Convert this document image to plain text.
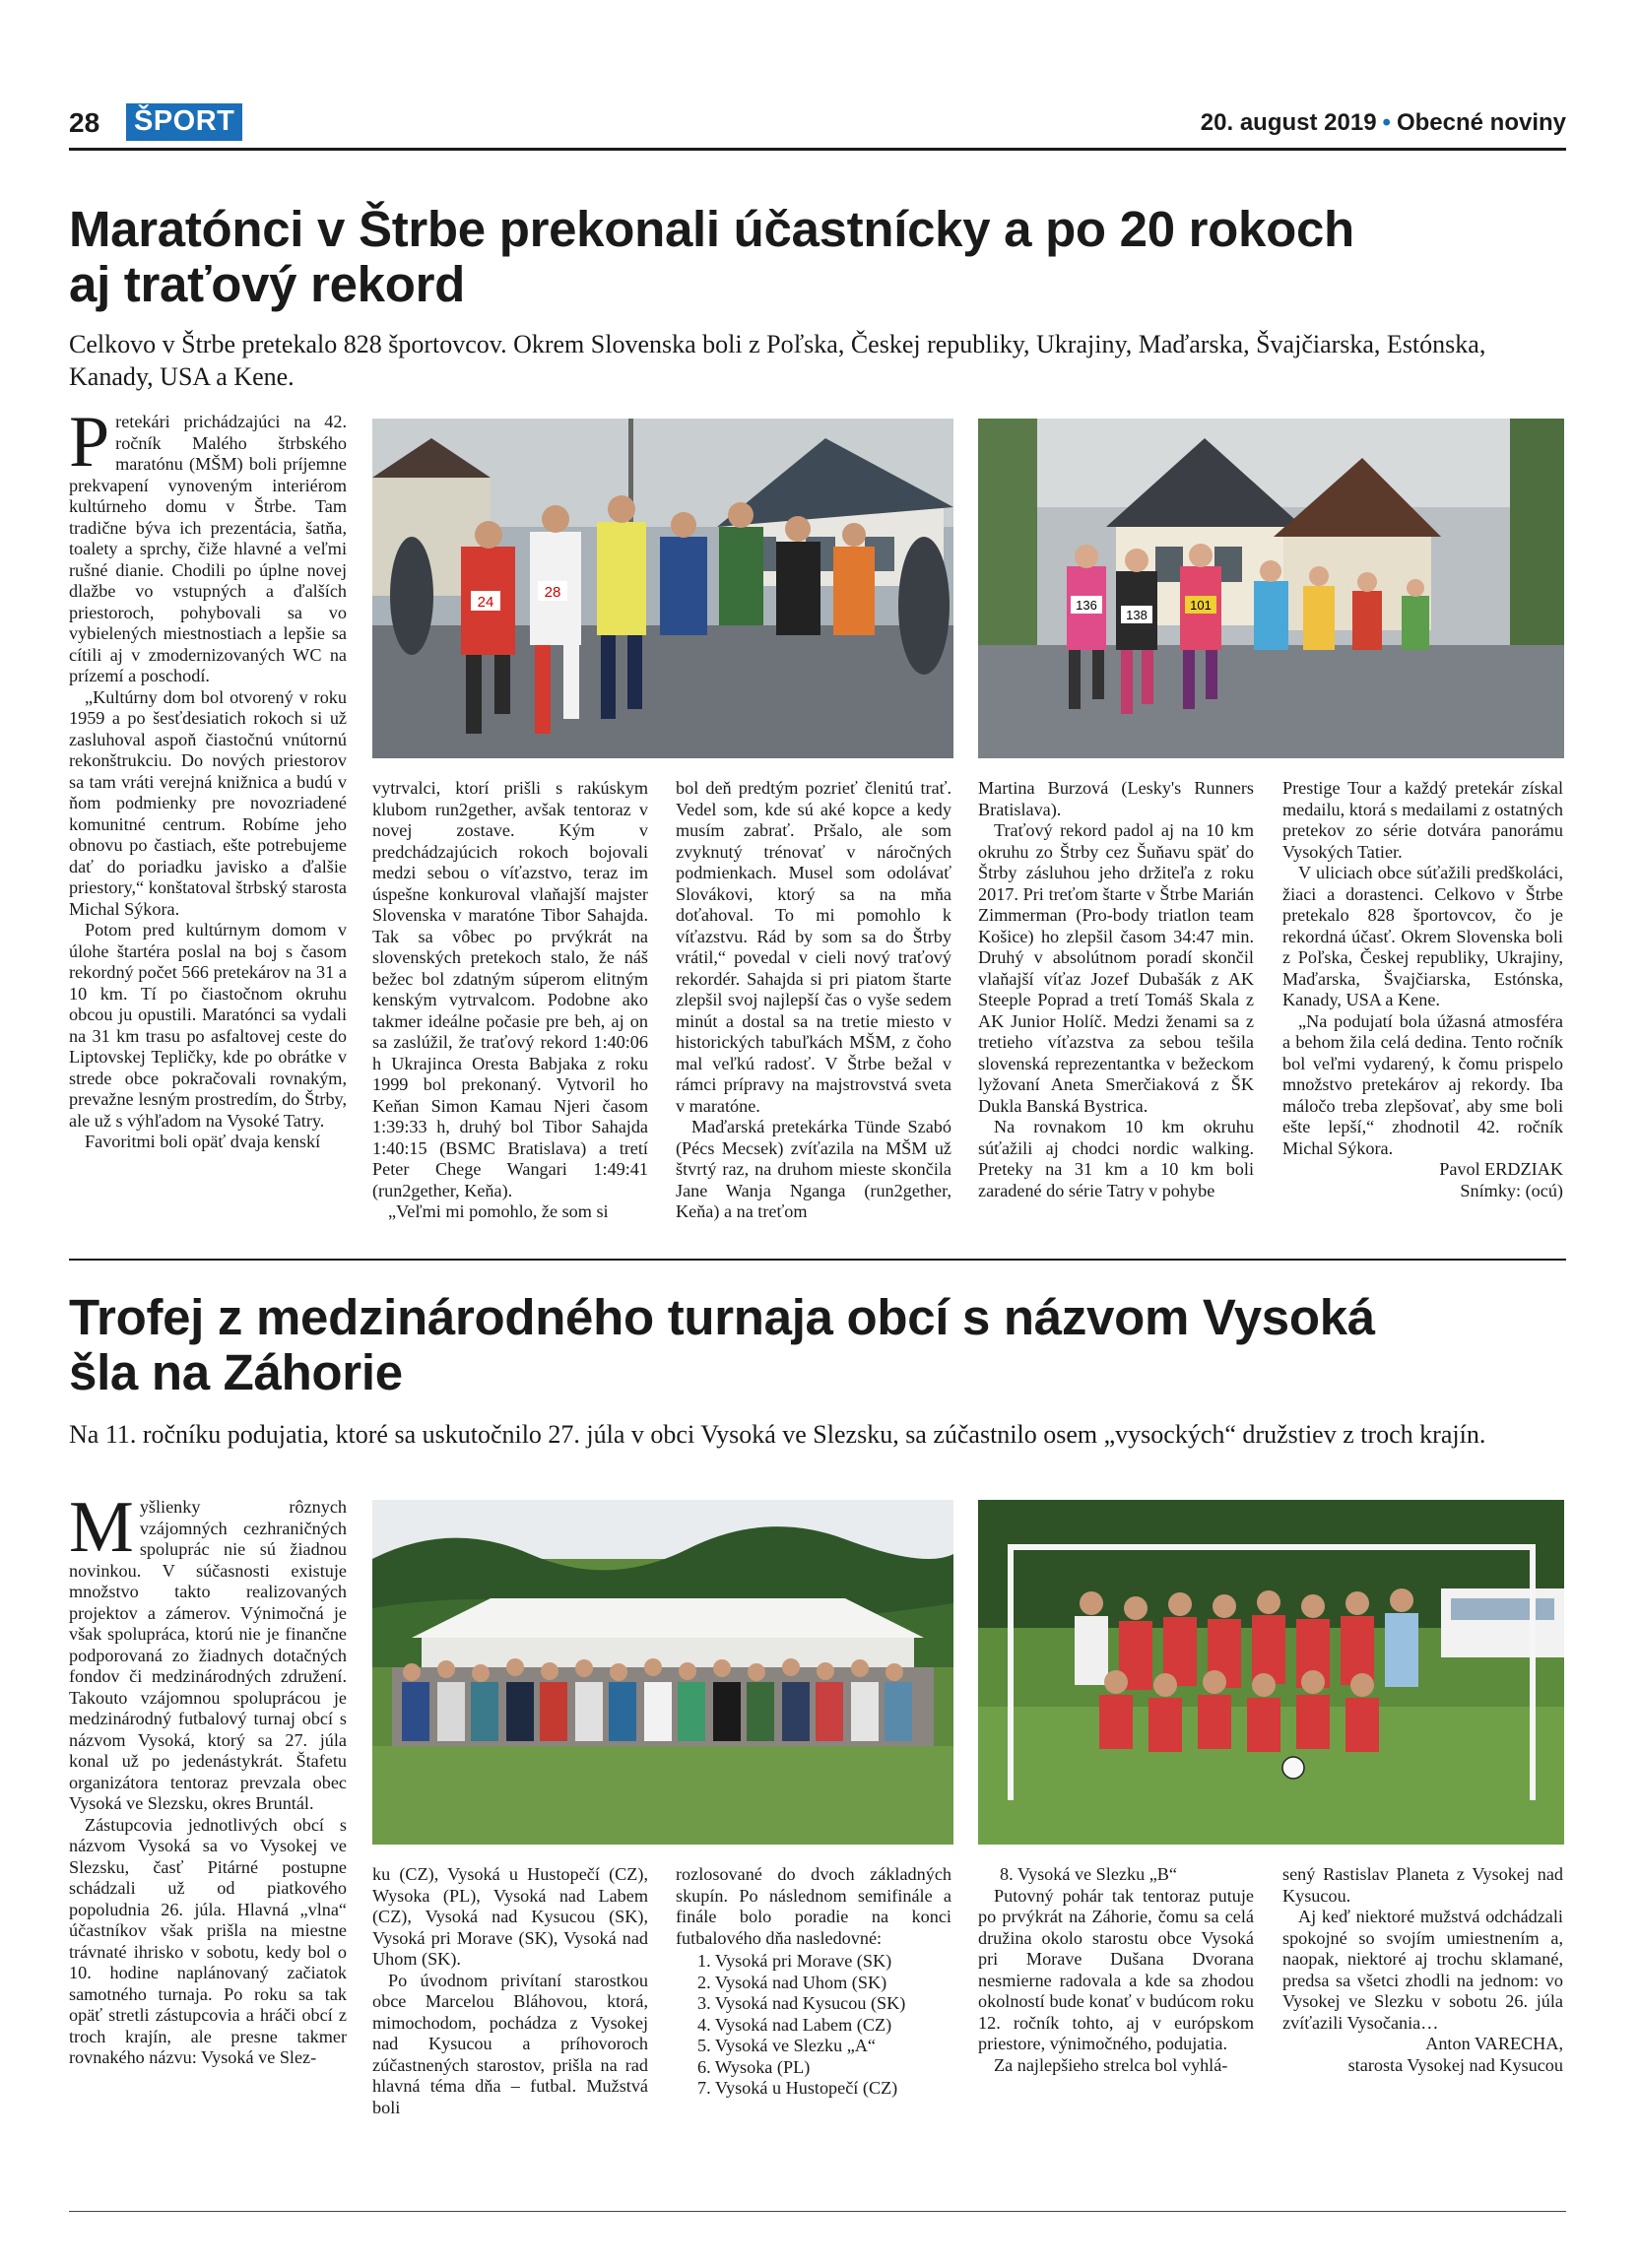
28 ŠPORT	20. august 2019 • Obecné noviny
Maratónci v Štrbe prekonali účastnícky a po 20 rokoch
aj traťový rekord
Celkovo v Štrbe pretekalo 828 športovcov. Okrem Slovenska boli z Poľska, Českej republiky, Ukrajiny, Maďarska, Švajčiarska, Estónska, Kanady, USA a Kene.

Pretekári prichádzajúci na 42. ročník Malého štrbského maratónu (MŠM) boli príjemne prekvapení vynoveným interiérom kultúrneho domu v Štrbe. Tam tradične býva ich prezentácia, šatňa, toalety a sprchy, čiže hlavné a veľmi rušné dianie. Chodili po úplne novej dlažbe vo vstupných a ďalších priestoroch, pohybovali sa vo vybielených miestnostiach a lepšie sa cítili aj v zmodernizovaných WC na prízemí a poschodí.

„Kultúrny dom bol otvorený v roku 1959 a po šesťdesiatich rokoch si už zasluhoval aspoň čiastočnú vnútornú rekonštrukciu. Do nových priestorov sa tam vráti verejná knižnica a budú v ňom podmienky pre novozriadené komunitné centrum. Robíme jeho obnovu po častiach, ešte potrebujeme dať do poriadku javisko a ďalšie priestory,“ konštatoval štrbský starosta Michal Sýkora.

Potom pred kultúrnym domom v úlohe štartéra poslal na boj s časom rekordný počet 566 pretekárov na 31 a 10 km. Tí po čiastočnom okruhu obcou ju opustili. Maratónci sa vydali na 31 km trasu po asfaltovej ceste do Liptovskej Tepličky, kde po obrátke v strede obce pokračovali rovnakým, prevažne lesným prostredím, do Štrby, ale už s výhľadom na Vysoké Tatry.

Favoritmi boli opäť dvaja kenskí

24
28
136
138
101

vytrvalci, ktorí prišli s rakúskym klubom run2gether, avšak tentoraz v novej zostave. Kým v predchádzajúcich rokoch bojovali medzi sebou o víťazstvo, teraz im úspešne konkuroval vlaňajší majster Slovenska v maratóne Tibor Sahajda. Tak sa vôbec po prvýkrát na slovenských pretekoch stalo, že náš bežec bol zdatným súperom elitným kenským vytrvalcom. Podobne ako takmer ideálne počasie pre beh, aj on sa zaslúžil, že traťový rekord 1:40:06 h Ukrajinca Oresta Babjaka z roku 1999 bol prekonaný. Vytvoril ho Keňan Simon Kamau Njeri časom 1:39:33 h, druhý bol Tibor Sahajda 1:40:15 (BSMC Bratislava) a tretí Peter Chege Wangari 1:49:41 (run2gether, Keňa).

„Veľmi mi pomohlo, že som si

bol deň predtým pozrieť členitú trať. Vedel som, kde sú aké kopce a kedy musím zabrať. Pršalo, ale som zvyknutý trénovať v náročných podmienkach. Musel som odolávať Slovákovi, ktorý sa na mňa doťahoval. To mi pomohlo k víťazstvu. Rád by som sa do Štrby vrátil,“ povedal v cieli nový traťový rekordér. Sahajda si pri piatom štarte zlepšil svoj najlepší čas o vyše sedem minút a dostal sa na tretie miesto v historických tabuľkách MŠM, z čoho mal veľkú radosť. V Štrbe bežal v rámci prípravy na majstrovstvá sveta v maratóne.

Maďarská pretekárka Tünde Szabó (Pécs Mecsek) zvíťazila na MŠM už štvrtý raz, na druhom mieste skončila Jane Wanja Nganga (run2gether, Keňa) a na treťom

Martina Burzová (Lesky's Runners Bratislava).

Traťový rekord padol aj na 10 km okruhu zo Štrby cez Šuňavu späť do Štrby zásluhou jeho držiteľa z roku 2017. Pri treťom štarte v Štrbe Marián Zimmerman (Pro-body triatlon team Košice) ho zlepšil časom 34:47 min. Druhý v absolútnom poradí skončil vlaňajší víťaz Jozef Dubašák z AK Steeple Poprad a tretí Tomáš Skala z AK Junior Holíč. Medzi ženami sa z tretieho víťazstva za sebou tešila slovenská reprezentantka v bežeckom lyžovaní Aneta Smerčiaková z ŠK Dukla Banská Bystrica.

Na rovnakom 10 km okruhu súťažili aj chodci nordic walking. Preteky na 31 km a 10 km boli zaradené do série Tatry v pohybe

Prestige Tour a každý pretekár získal medailu, ktorá s medailami z ostatných pretekov zo série dotvára panorámu Vysokých Tatier.

V uliciach obce súťažili predškoláci, žiaci a dorastenci. Celkovo v Štrbe pretekalo 828 športovcov, čo je rekordná účasť. Okrem Slovenska boli z Poľska, Českej republiky, Ukrajiny, Maďarska, Švajčiarska, Estónska, Kanady, USA a Kene.

„Na podujatí bola úžasná atmosféra a behom žila celá dedina. Tento ročník bol veľmi vydarený, k čomu prispelo množstvo pretekárov aj rekordy. Iba máločo treba zlepšovať, aby sme boli ešte lepší,“ zhodnotil 42. ročník Michal Sýkora.

Pavol ERDZIAK

Snímky: (ocú)

Trofej z medzinárodného turnaja obcí s názvom Vysoká
šla na Záhorie
Na 11. ročníku podujatia, ktoré sa uskutočnilo 27. júla v obci Vysoká ve Slezsku, sa zúčastnilo osem „vysockých“ družstiev z troch krajín.

Myšlienky rôznych vzájomných cezhraničných spoluprác nie sú žiadnou novinkou. V súčasnosti existuje množstvo takto realizovaných projektov a zámerov. Výnimočná je však spolupráca, ktorú nie je finančne podporovaná zo žiadnych dotačných fondov či medzinárodných združení. Takouto vzájomnou spoluprácou je medzinárodný futbalový turnaj obcí s názvom Vysoká, ktorý sa 27. júla konal už po jedenástykrát. Štafetu organizátora tentoraz prevzala obec Vysoká ve Slezsku, okres Bruntál.

Zástupcovia jednotlivých obcí s názvom Vysoká sa vo Vysokej ve Slezsku, časť Pitárné postupne schádzali už od piatkového popoludnia 26. júla. Hlavná „vlna“ účastníkov však prišla na miestne trávnaté ihrisko v sobotu, kedy bol o 10. hodine naplánovaný začiatok samotného turnaja. Po roku sa tak opäť stretli zástupcovia a hráči obcí z troch krajín, ale presne takmer rovnakého názvu: Vysoká ve Slez-

ku (CZ), Vysoká u Hustopečí (CZ), Wysoka (PL), Vysoká nad Labem (CZ), Vysoká nad Kysucou (SK), Vysoká pri Morave (SK), Vysoká nad Uhom (SK).

Po úvodnom privítaní starostkou obce Marcelou Bláhovou, ktorá, mimochodom, pochádza z Vysokej nad Kysucou a príhovoroch zúčastnených starostov, prišla na rad hlavná téma dňa – futbal. Mužstvá boli

rozlosované do dvoch základných skupín. Po následnom semifinále a finále bolo poradie na konci futbalového dňa nasledovné:

1. Vysoká pri Morave (SK)
2. Vysoká nad Uhom (SK)
3. Vysoká nad Kysucou (SK)
4. Vysoká nad Labem (CZ)
5. Vysoká ve Slezku „A“
6. Wysoka (PL)
7. Vysoká u Hustopečí (CZ)

8. Vysoká ve Slezku „B“

Putovný pohár tak tentoraz putuje po prvýkrát na Záhorie, čomu sa celá družina okolo starostu obce Vysoká pri Morave Dušana Dvorana nesmierne radovala a kde sa zhodou okolností bude konať v budúcom roku 12. ročník tohto, aj v európskom priestore, výnimočného, podujatia.

Za najlepšieho strelca bol vyhlá-

sený Rastislav Planeta z Vysokej nad Kysucou.

Aj keď niektoré mužstvá odchádzali spokojné so svojím umiestnením a, naopak, niektoré aj trochu sklamané, predsa sa všetci zhodli na jednom: vo Vysokej ve Slezku v sobotu 26. júla zvíťazili Vysočania…

Anton VARECHA,

starosta Vysokej nad Kysucou
